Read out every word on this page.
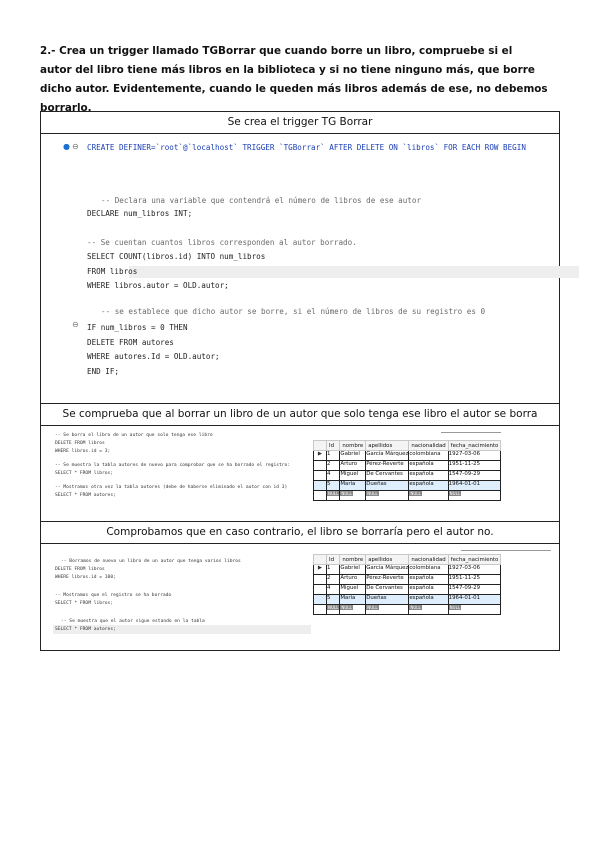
2.- Crea un trigger llamado TGBorrar que cuando borre un libro, compruebe si el
autor del libro tiene más libros en la biblioteca y si no tiene ninguno más, que borre
dicho autor. Evidentemente, cuando le queden más libros además de ese, no debemos
borrarlo.
Se crea el trigger TG Borrar

● ⊖
⊖
CREATE DEFINER=`root`@`localhost` TRIGGER `TGBorrar` AFTER DELETE ON `libros` FOR EACH ROW BEGIN
-- Declara una variable que contendrá el número de libros de ese autor
DECLARE num_libros INT;
-- Se cuentan cuantos libros corresponden al autor borrado.
SELECT COUNT(libros.id) INTO num_libros
FROM libros
WHERE libros.autor = OLD.autor;
-- se establece que dicho autor se borre, si el número de libros de su registro es 0
IF num_libros = 0 THEN
DELETE FROM autores
WHERE autores.Id = OLD.autor;
END IF;

Se comprueba que al borrar un libro de un autor que solo tenga ese libro el autor se borra

-- Se borra el libro de un autor que solo tenga ese libro
DELETE FROM libros
WHERE libros.id = 3;
-- Se muestra la tabla autores de nuevo para comprobar que se ha borrado el registro:
SELECT * FROM libros;
-- Mostramos otra vez la tabla autores (debe de haberse eliminado el autor con id 3)
SELECT * FROM autores;
	Id	nombre	apellidos	nacionalidad	fecha_nacimiento
▶	1	Gabriel	García Márquez	colombiana	1927-03-06
	2	Arturo	Pérez-Reverte	española	1951-11-25
	4	Miguel	De Cervantes	española	1547-09-29
	5	María	Dueñas	española	1964-01-01
	NULL	NULL	NULL	NULL	NULL

Comprobamos que en caso contrario, el libro se borraría pero el autor no.

-- Borramos de nuevo un libro de un autor que tenga varios libros
DELETE FROM libros
WHERE libros.id = 100;
-- Mostramos que el registro se ha borrado
SELECT * FROM libros;
-- Se muestra que el autor sigue estando en la tabla
SELECT * FROM autores;
	Id	nombre	apellidos	nacionalidad	fecha_nacimiento
▶	1	Gabriel	García Márquez	colombiana	1927-03-06
	2	Arturo	Pérez-Reverte	española	1951-11-25
	4	Miguel	De Cervantes	española	1547-09-29
	5	María	Dueñas	española	1964-01-01
	NULL	NULL	NULL	NULL	NULL
